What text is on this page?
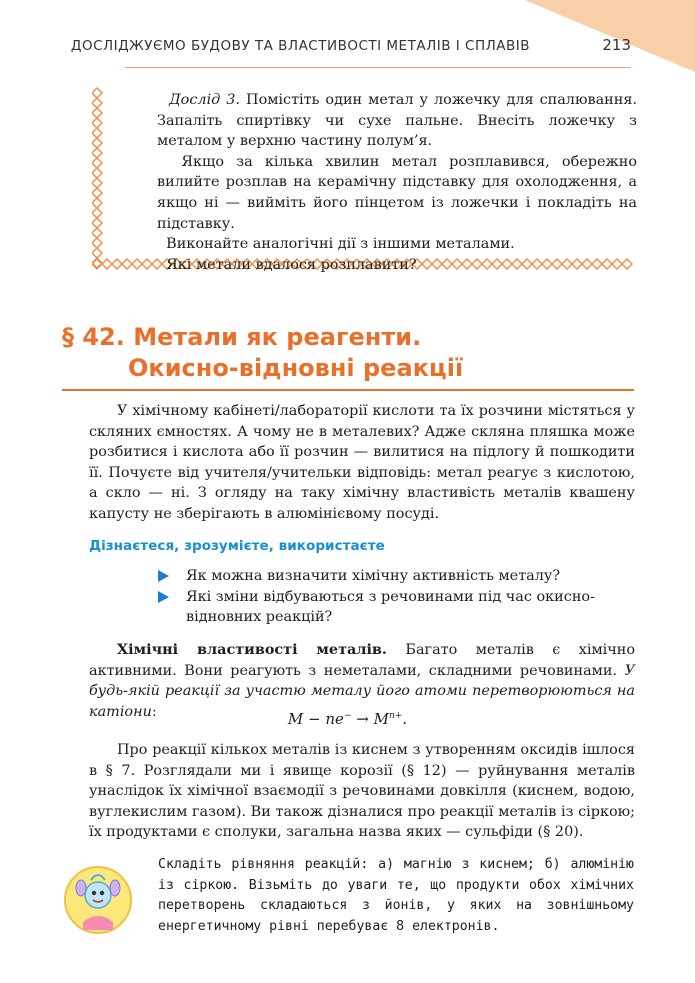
ДОСЛІДЖУЄМО БУДОВУ ТА ВЛАСТИВОСТІ МЕТАЛІВ І СПЛАВІВ	213

Дослід 3. Помістіть один метал у ложечку для спалювання. Запаліть спиртівку чи сухе пальне. Внесіть ложечку з металом у верхню частину полум’я.

Якщо за кілька хвилин метал розплавився, обережно вилийте розплав на керамічну підставку для охолодження, а якщо ні — вийміть його пінцетом із ложечки і покладіть на підставку.

Виконайте аналогічні дії з іншими металами.

Які метали вдалося розплавити?

§ 42. Метали як реагенти.
Окисно-відновні реакції

У хімічному кабінеті/лабораторії кислоти та їх розчини містяться у скляних ємностях. А чому не в металевих? Адже скляна пляшка може розбитися і кислота або її розчин — вилитися на підлогу й пошкодити її. Почуєте від учителя/учительки відповідь: метал реагує з кислотою, а скло — ні. З огляду на таку хімічну властивість металів квашену капусту не зберігають в алюмінієвому посуді.

Дізнаєтеся, зрозумієте, використаєте

Як можна визначити хімічну активність металу?

Які зміни відбуваються з речовинами під час окисно-відновних реакцій?

Хімічні властивості металів. Багато металів є хімічно активними. Вони реагують з неметалами, складними речовинами. У будь-якій реакції за участю металу його атоми перетворюються на катіони:	$M - ne^- \to M^{n+}$.

Про реакції кількох металів із киснем з утворенням оксидів ішлося в § 7. Розглядали ми і явище корозії (§ 12) — руйнування металів унаслідок їх хімічної взаємодії з речовинами довкілля (киснем, водою, вуглекислим газом). Ви також дізналися про реакції металів із сіркою; їх продуктами є сполуки, загальна назва яких — сульфіди (§ 20).

Складіть рівняння реакцій: а) магнію з киснем; б) алюмінію із сіркою. Візьміть до уваги те, що продукти обох хімічних перетворень складаються з йонів, у яких на зовнішньому енергетичному рівні перебуває 8 електронів.
